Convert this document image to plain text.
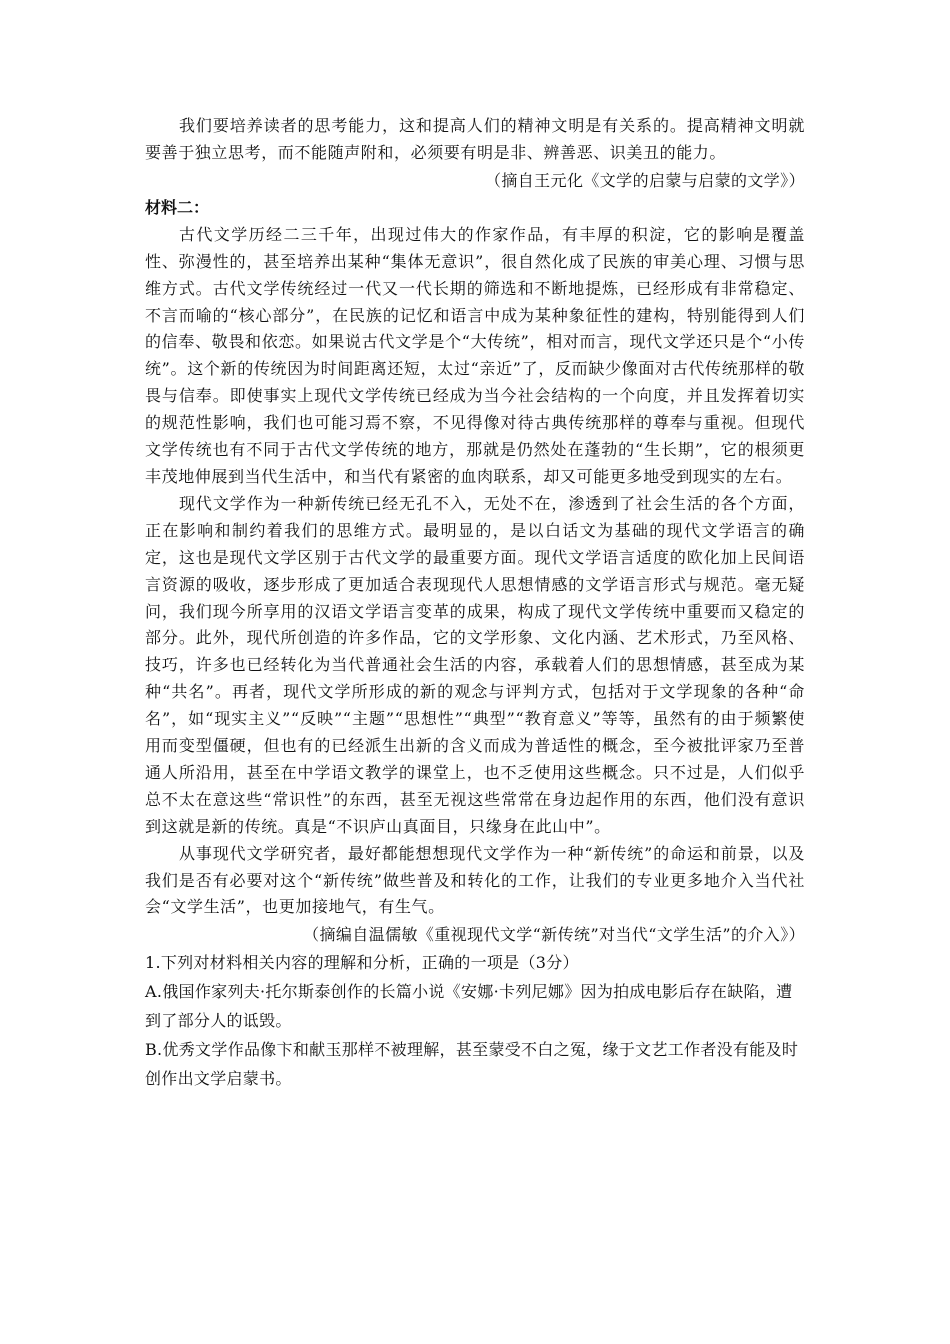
我们要培养读者的思考能力，这和提高人们的精神文明是有关系的。提高精神文明就要善于独立思考，而不能随声附和，必须要有明是非、辨善恶、识美丑的能力。

（摘自王元化《文学的启蒙与启蒙的文学》）

材料二：

古代文学历经二三千年，出现过伟大的作家作品，有丰厚的积淀，它的影响是覆盖性、弥漫性的，甚至培养出某种“集体无意识”，很自然化成了民族的审美心理、习惯与思维方式。古代文学传统经过一代又一代长期的筛选和不断地提炼，已经形成有非常稳定、不言而喻的“核心部分”，在民族的记忆和语言中成为某种象征性的建构，特别能得到人们的信奉、敬畏和依恋。如果说古代文学是个“大传统”，相对而言，现代文学还只是个“小传统”。这个新的传统因为时间距离还短，太过“亲近”了，反而缺少像面对古代传统那样的敬畏与信奉。即使事实上现代文学传统已经成为当今社会结构的一个向度，并且发挥着切实的规范性影响，我们也可能习焉不察，不见得像对待古典传统那样的尊奉与重视。但现代文学传统也有不同于古代文学传统的地方，那就是仍然处在蓬勃的“生长期”，它的根须更丰茂地伸展到当代生活中，和当代有紧密的血肉联系，却又可能更多地受到现实的左右。

现代文学作为一种新传统已经无孔不入，无处不在，渗透到了社会生活的各个方面，正在影响和制约着我们的思维方式。最明显的，是以白话文为基础的现代文学语言的确定，这也是现代文学区别于古代文学的最重要方面。现代文学语言适度的欧化加上民间语言资源的吸收，逐步形成了更加适合表现现代人思想情感的文学语言形式与规范。毫无疑问，我们现今所享用的汉语文学语言变革的成果，构成了现代文学传统中重要而又稳定的部分。此外，现代所创造的许多作品，它的文学形象、文化内涵、艺术形式，乃至风格、技巧，许多也已经转化为当代普通社会生活的内容，承载着人们的思想情感，甚至成为某种“共名”。再者，现代文学所形成的新的观念与评判方式，包括对于文学现象的各种“命名”，如“现实主义”“反映”“主题”“思想性”“典型”“教育意义”等等，虽然有的由于频繁使用而变型僵硬，但也有的已经派生出新的含义而成为普适性的概念，至今被批评家乃至普通人所沿用，甚至在中学语文教学的课堂上，也不乏使用这些概念。只不过是，人们似乎总不太在意这些“常识性”的东西，甚至无视这些常常在身边起作用的东西，他们没有意识到这就是新的传统。真是“不识庐山真面目，只缘身在此山中”。

从事现代文学研究者，最好都能想想现代文学作为一种“新传统”的命运和前景，以及我们是否有必要对这个“新传统”做些普及和转化的工作，让我们的专业更多地介入当代社会“文学生活”，也更加接地气，有生气。

（摘编自温儒敏《重视现代文学“新传统”对当代“文学生活”的介入》）

1.下列对材料相关内容的理解和分析，正确的一项是（3分）

A.俄国作家列夫·托尔斯泰创作的长篇小说《安娜·卡列尼娜》因为拍成电影后存在缺陷，遭到了部分人的诋毁。

B.优秀文学作品像卞和献玉那样不被理解，甚至蒙受不白之冤，缘于文艺工作者没有能及时创作出文学启蒙书。
